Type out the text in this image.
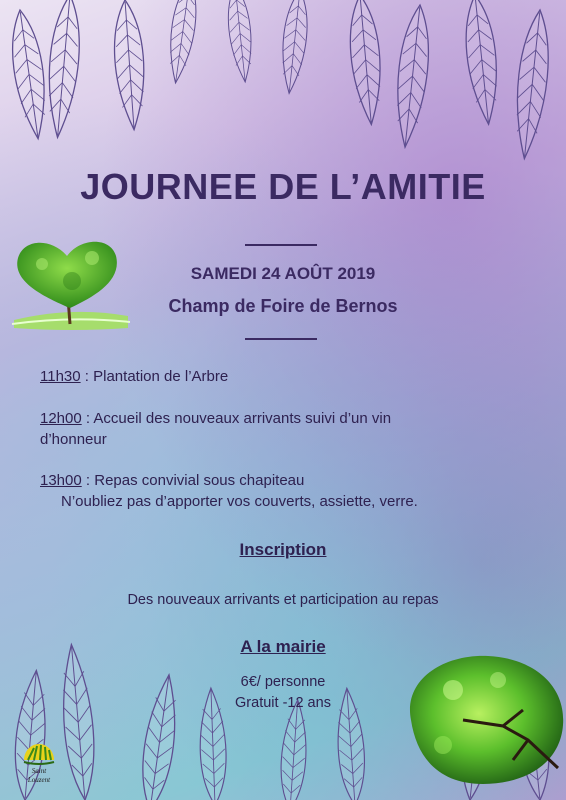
JOURNEE DE L’AMITIE
SAMEDI 24 AOÛT 2019
Champ de Foire de Bernos
11h30 : Plantation de l’Arbre
12h00 : Accueil des nouveaux arrivants suivi d’un vin
d’honneur
13h00 : Repas convivial sous chapiteau
N’oubliez pas d’apporter vos couverts, assiette, verre.
Inscription
Des nouveaux arrivants et participation au repas
A la mairie
6€/ personne
Gratuit -12 ans
Saint
Louzent
